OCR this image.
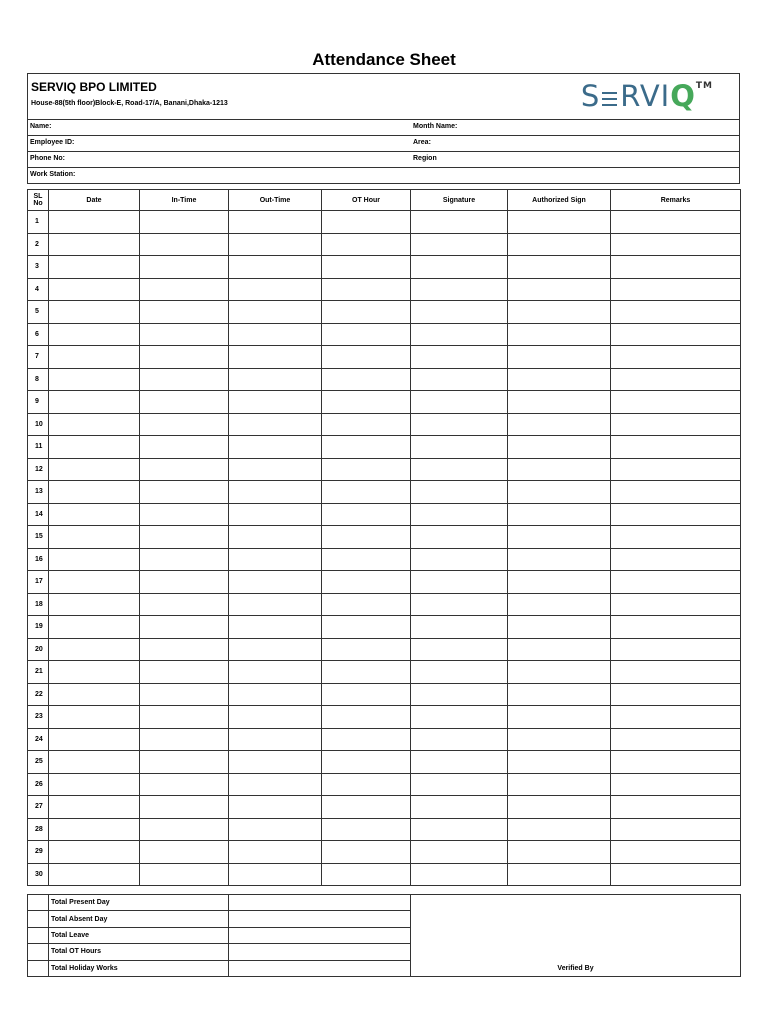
Attendance Sheet
SERVIQ BPO LIMITED
House-88(5th floor)Block-E, Road-17/A, Banani,Dhaka-1213	S RVIQ™
Name:	Month Name:
Employee ID:	Area:
Phone No:	Region
Work Station:
SL No	Date	In-Time	Out-Time	OT Hour	Signature	Authorized Sign	Remarks
1							
2							
3							
4							
5							
6							
7							
8							
9							
10							
11							
12							
13							
14							
15							
16							
17							
18							
19							
20							
21							
22							
23							
24							
25							
26							
27							
28							
29							
30							
	Total Present Day		
	Total Absent Day		
	Total Leave		
	Total OT Hours		
	Total Holiday Works		Verified By
